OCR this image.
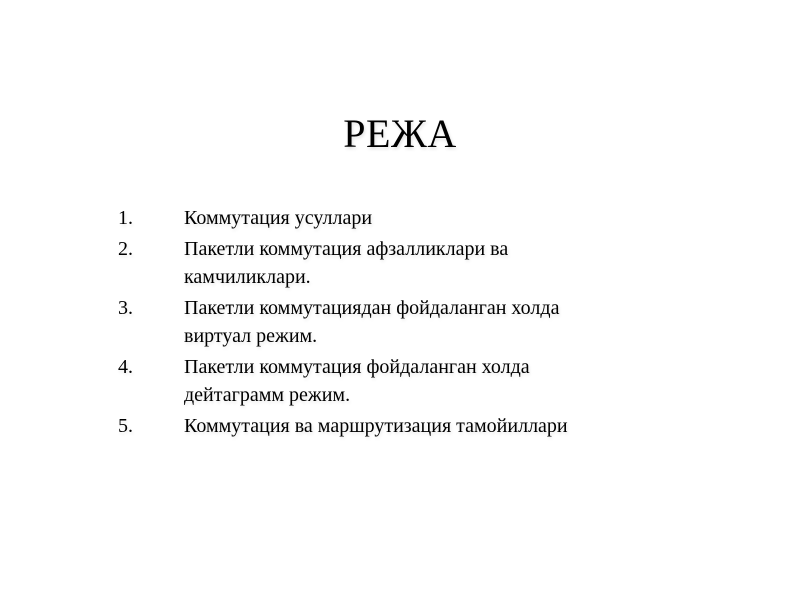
РЕЖА
1.	Коммутация усуллари
2.	Пакетли коммутация афзалликлари ва
камчиликлари.
3.	Пакетли коммутациядан фойдаланган холда
виртуал режим.
4.	Пакетли коммутация фойдаланган холда
дейтаграмм режим.
5.	Коммутация ва маршрутизация тамойиллари
